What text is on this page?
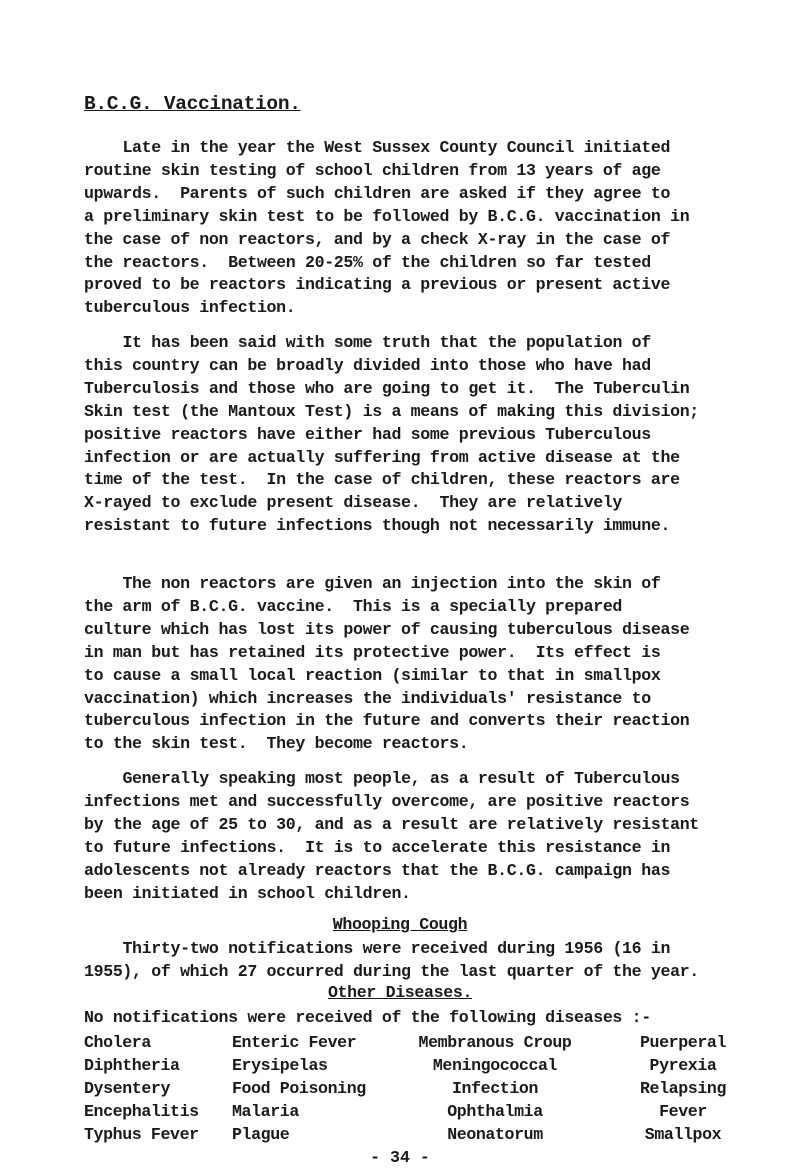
B.C.G. Vaccination.

Late in the year the West Sussex County Council initiated
routine skin testing of school children from 13 years of age
upwards.  Parents of such children are asked if they agree to
a preliminary skin test to be followed by B.C.G. vaccination in
the case of non reactors, and by a check X-ray in the case of
the reactors.  Between 20-25% of the children so far tested
proved to be reactors indicating a previous or present active
tuberculous infection.

It has been said with some truth that the population of
this country can be broadly divided into those who have had
Tuberculosis and those who are going to get it.  The Tuberculin
Skin test (the Mantoux Test) is a means of making this division;
positive reactors have either had some previous Tuberculous
infection or are actually suffering from active disease at the
time of the test.  In the case of children, these reactors are
X-rayed to exclude present disease.  They are relatively
resistant to future infections though not necessarily immune.

The non reactors are given an injection into the skin of
the arm of B.C.G. vaccine.  This is a specially prepared
culture which has lost its power of causing tuberculous disease
in man but has retained its protective power.  Its effect is
to cause a small local reaction (similar to that in smallpox
vaccination) which increases the individuals' resistance to
tuberculous infection in the future and converts their reaction
to the skin test.  They become reactors.

Generally speaking most people, as a result of Tuberculous
infections met and successfully overcome, are positive reactors
by the age of 25 to 30, and as a result are relatively resistant
to future infections.  It is to accelerate this resistance in
adolescents not already reactors that the B.C.G. campaign has
been initiated in school children.

Whooping Cough

Thirty-two notifications were received during 1956 (16 in
1955), of which 27 occurred during the last quarter of the year.

Other Diseases.

No notifications were received of the following diseases :-

Cholera
Diphtheria
Dysentery
Encephalitis
Typhus Fever
Enteric Fever
Erysipelas
Food Poisoning
Malaria
Plague
Membranous Croup
Meningococcal
Infection
Ophthalmia
Neonatorum
Puerperal
Pyrexia
Relapsing
Fever
Smallpox
- 34 -
